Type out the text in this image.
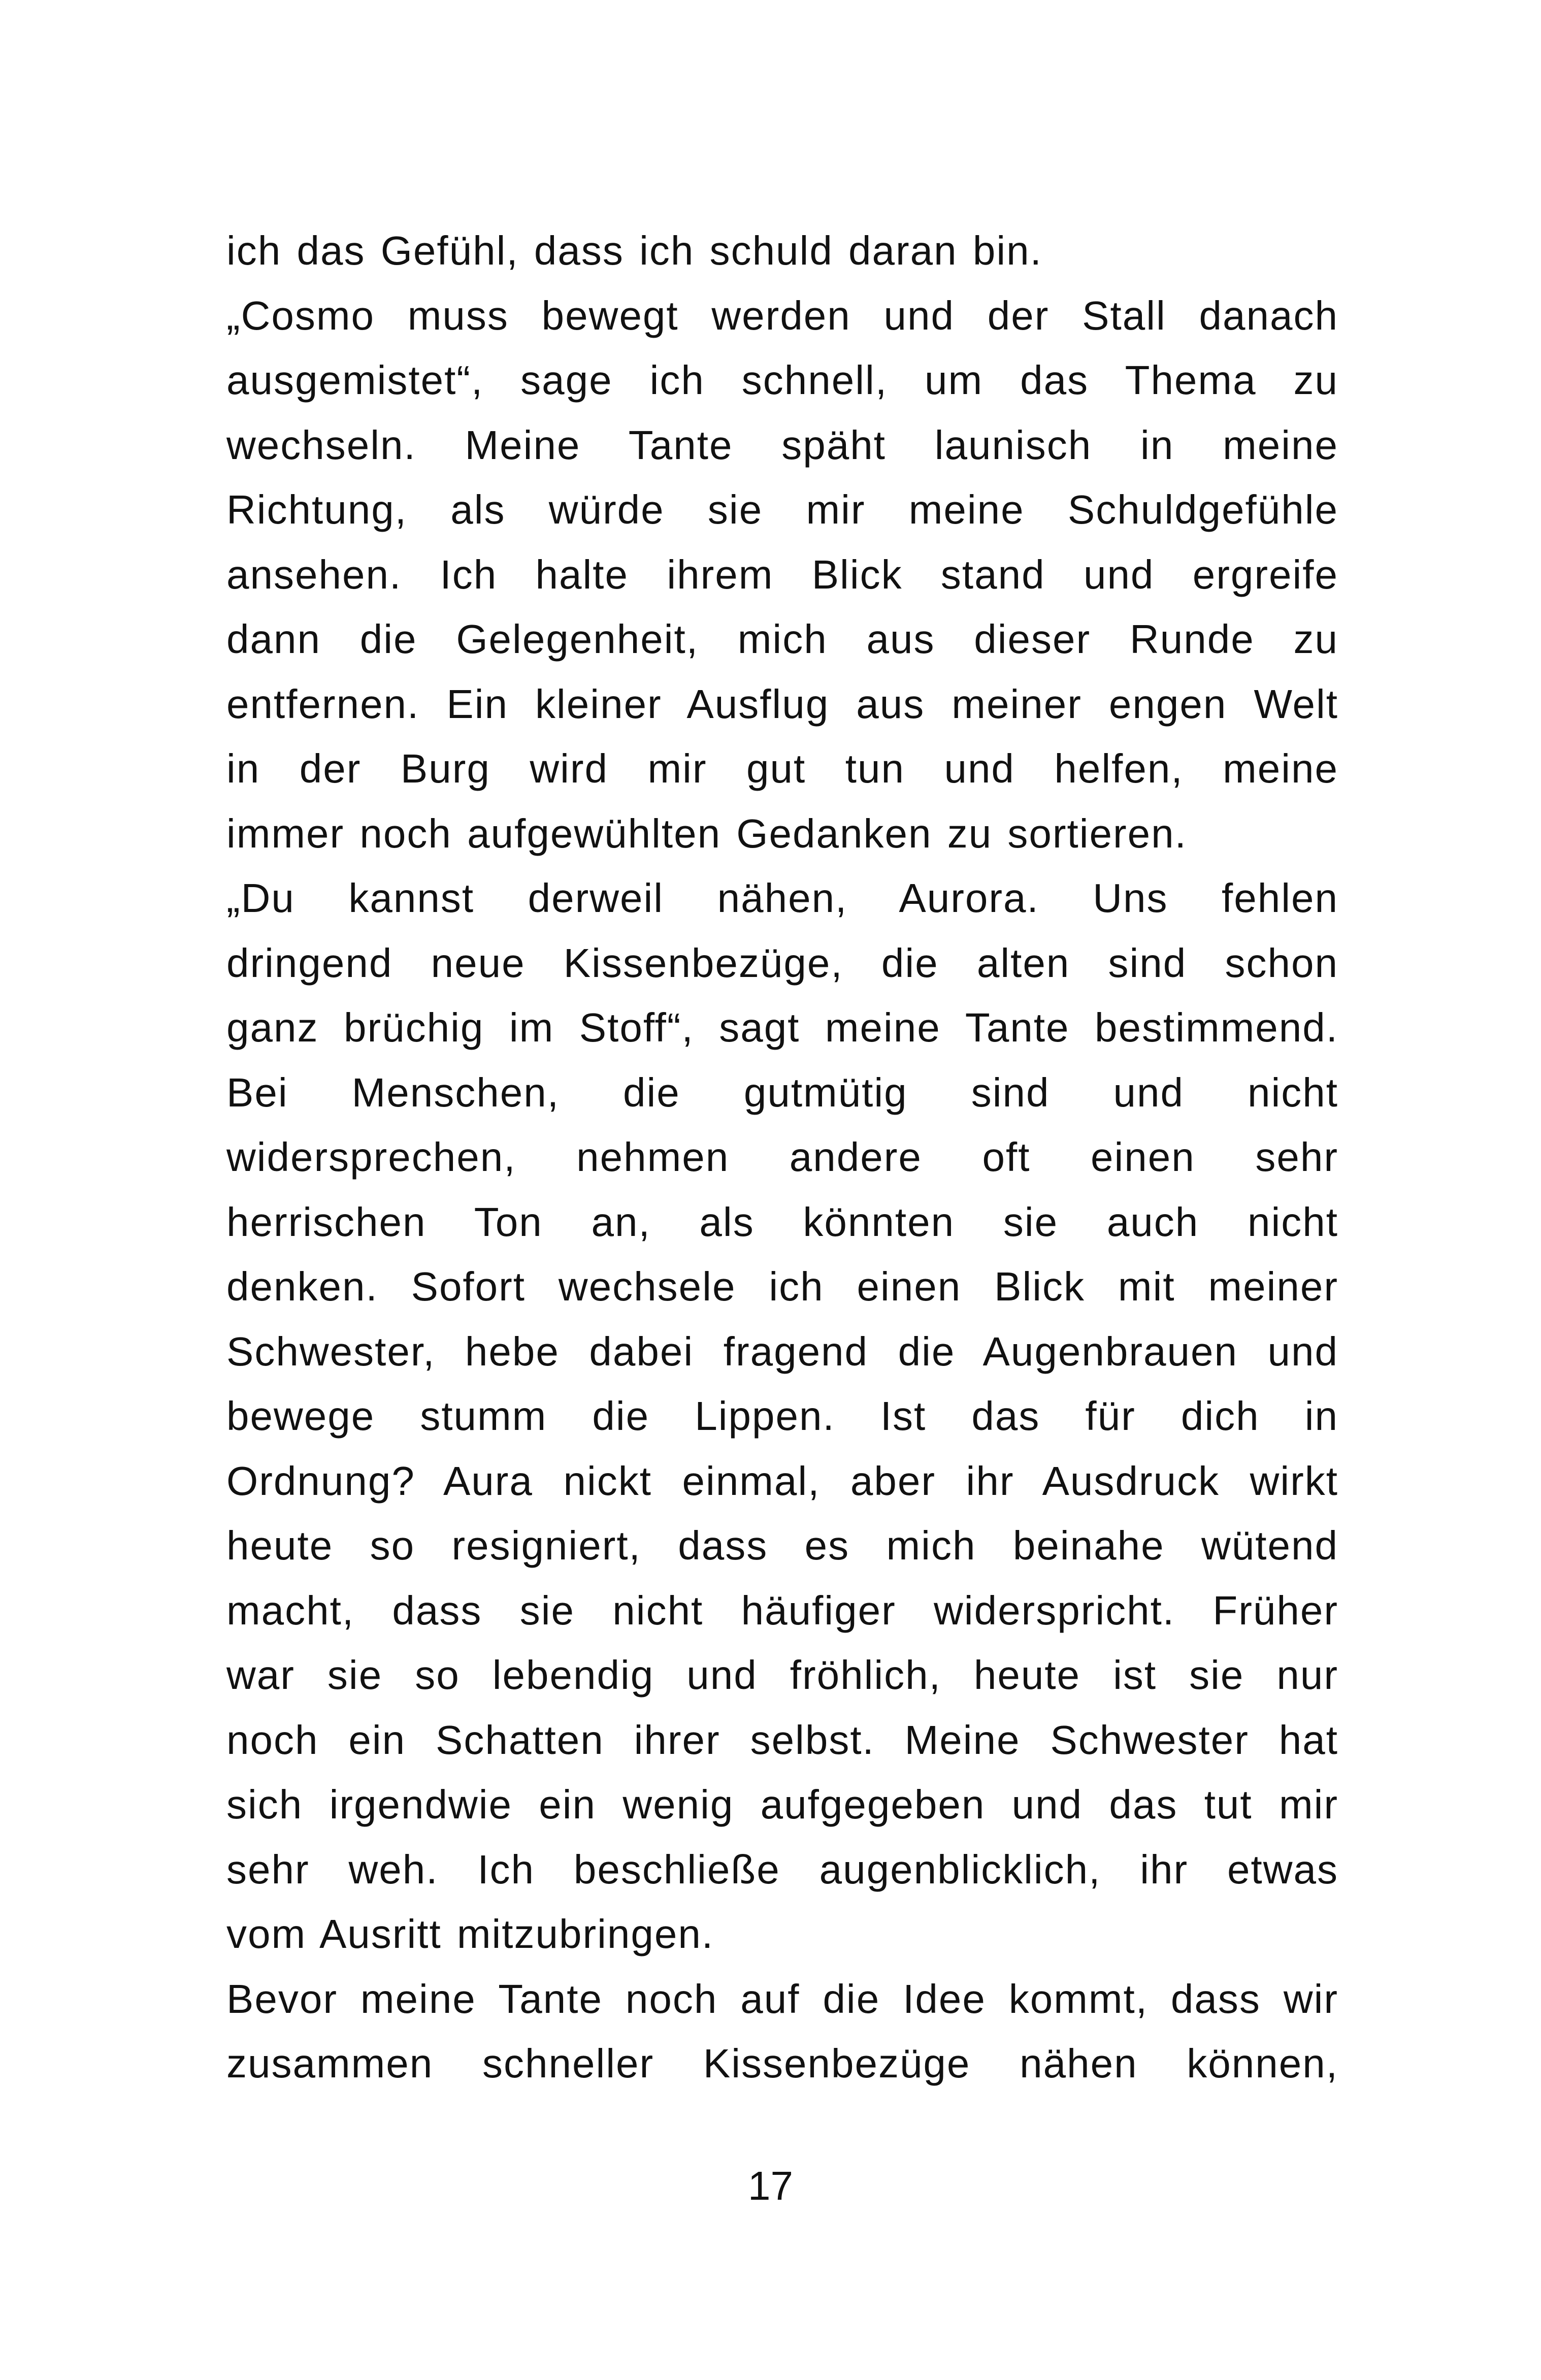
ich das Gefühl, dass ich schuld daran bin.
„Cosmo muss bewegt werden und der Stall danach
ausgemistet“, sage ich schnell, um das Thema zu
wechseln. Meine Tante späht launisch in meine
Richtung, als würde sie mir meine Schuldgefühle
ansehen. Ich halte ihrem Blick stand und ergreife
dann die Gelegenheit, mich aus dieser Runde zu
entfernen. Ein kleiner Ausflug aus meiner engen Welt
in der Burg wird mir gut tun und helfen, meine
immer noch aufgewühlten Gedanken zu sortieren.
„Du kannst derweil nähen, Aurora. Uns fehlen
dringend neue Kissenbezüge, die alten sind schon
ganz brüchig im Stoff“, sagt meine Tante bestimmend.
Bei Menschen, die gutmütig sind und nicht
widersprechen, nehmen andere oft einen sehr
herrischen Ton an, als könnten sie auch nicht
denken. Sofort wechsele ich einen Blick mit meiner
Schwester, hebe dabei fragend die Augenbrauen und
bewege stumm die Lippen. Ist das für dich in
Ordnung? Aura nickt einmal, aber ihr Ausdruck wirkt
heute so resigniert, dass es mich beinahe wütend
macht, dass sie nicht häufiger widerspricht. Früher
war sie so lebendig und fröhlich, heute ist sie nur
noch ein Schatten ihrer selbst. Meine Schwester hat
sich irgendwie ein wenig aufgegeben und das tut mir
sehr weh. Ich beschließe augenblicklich, ihr etwas
vom Ausritt mitzubringen.
Bevor meine Tante noch auf die Idee kommt, dass wir
zusammen schneller Kissenbezüge nähen können,
17
